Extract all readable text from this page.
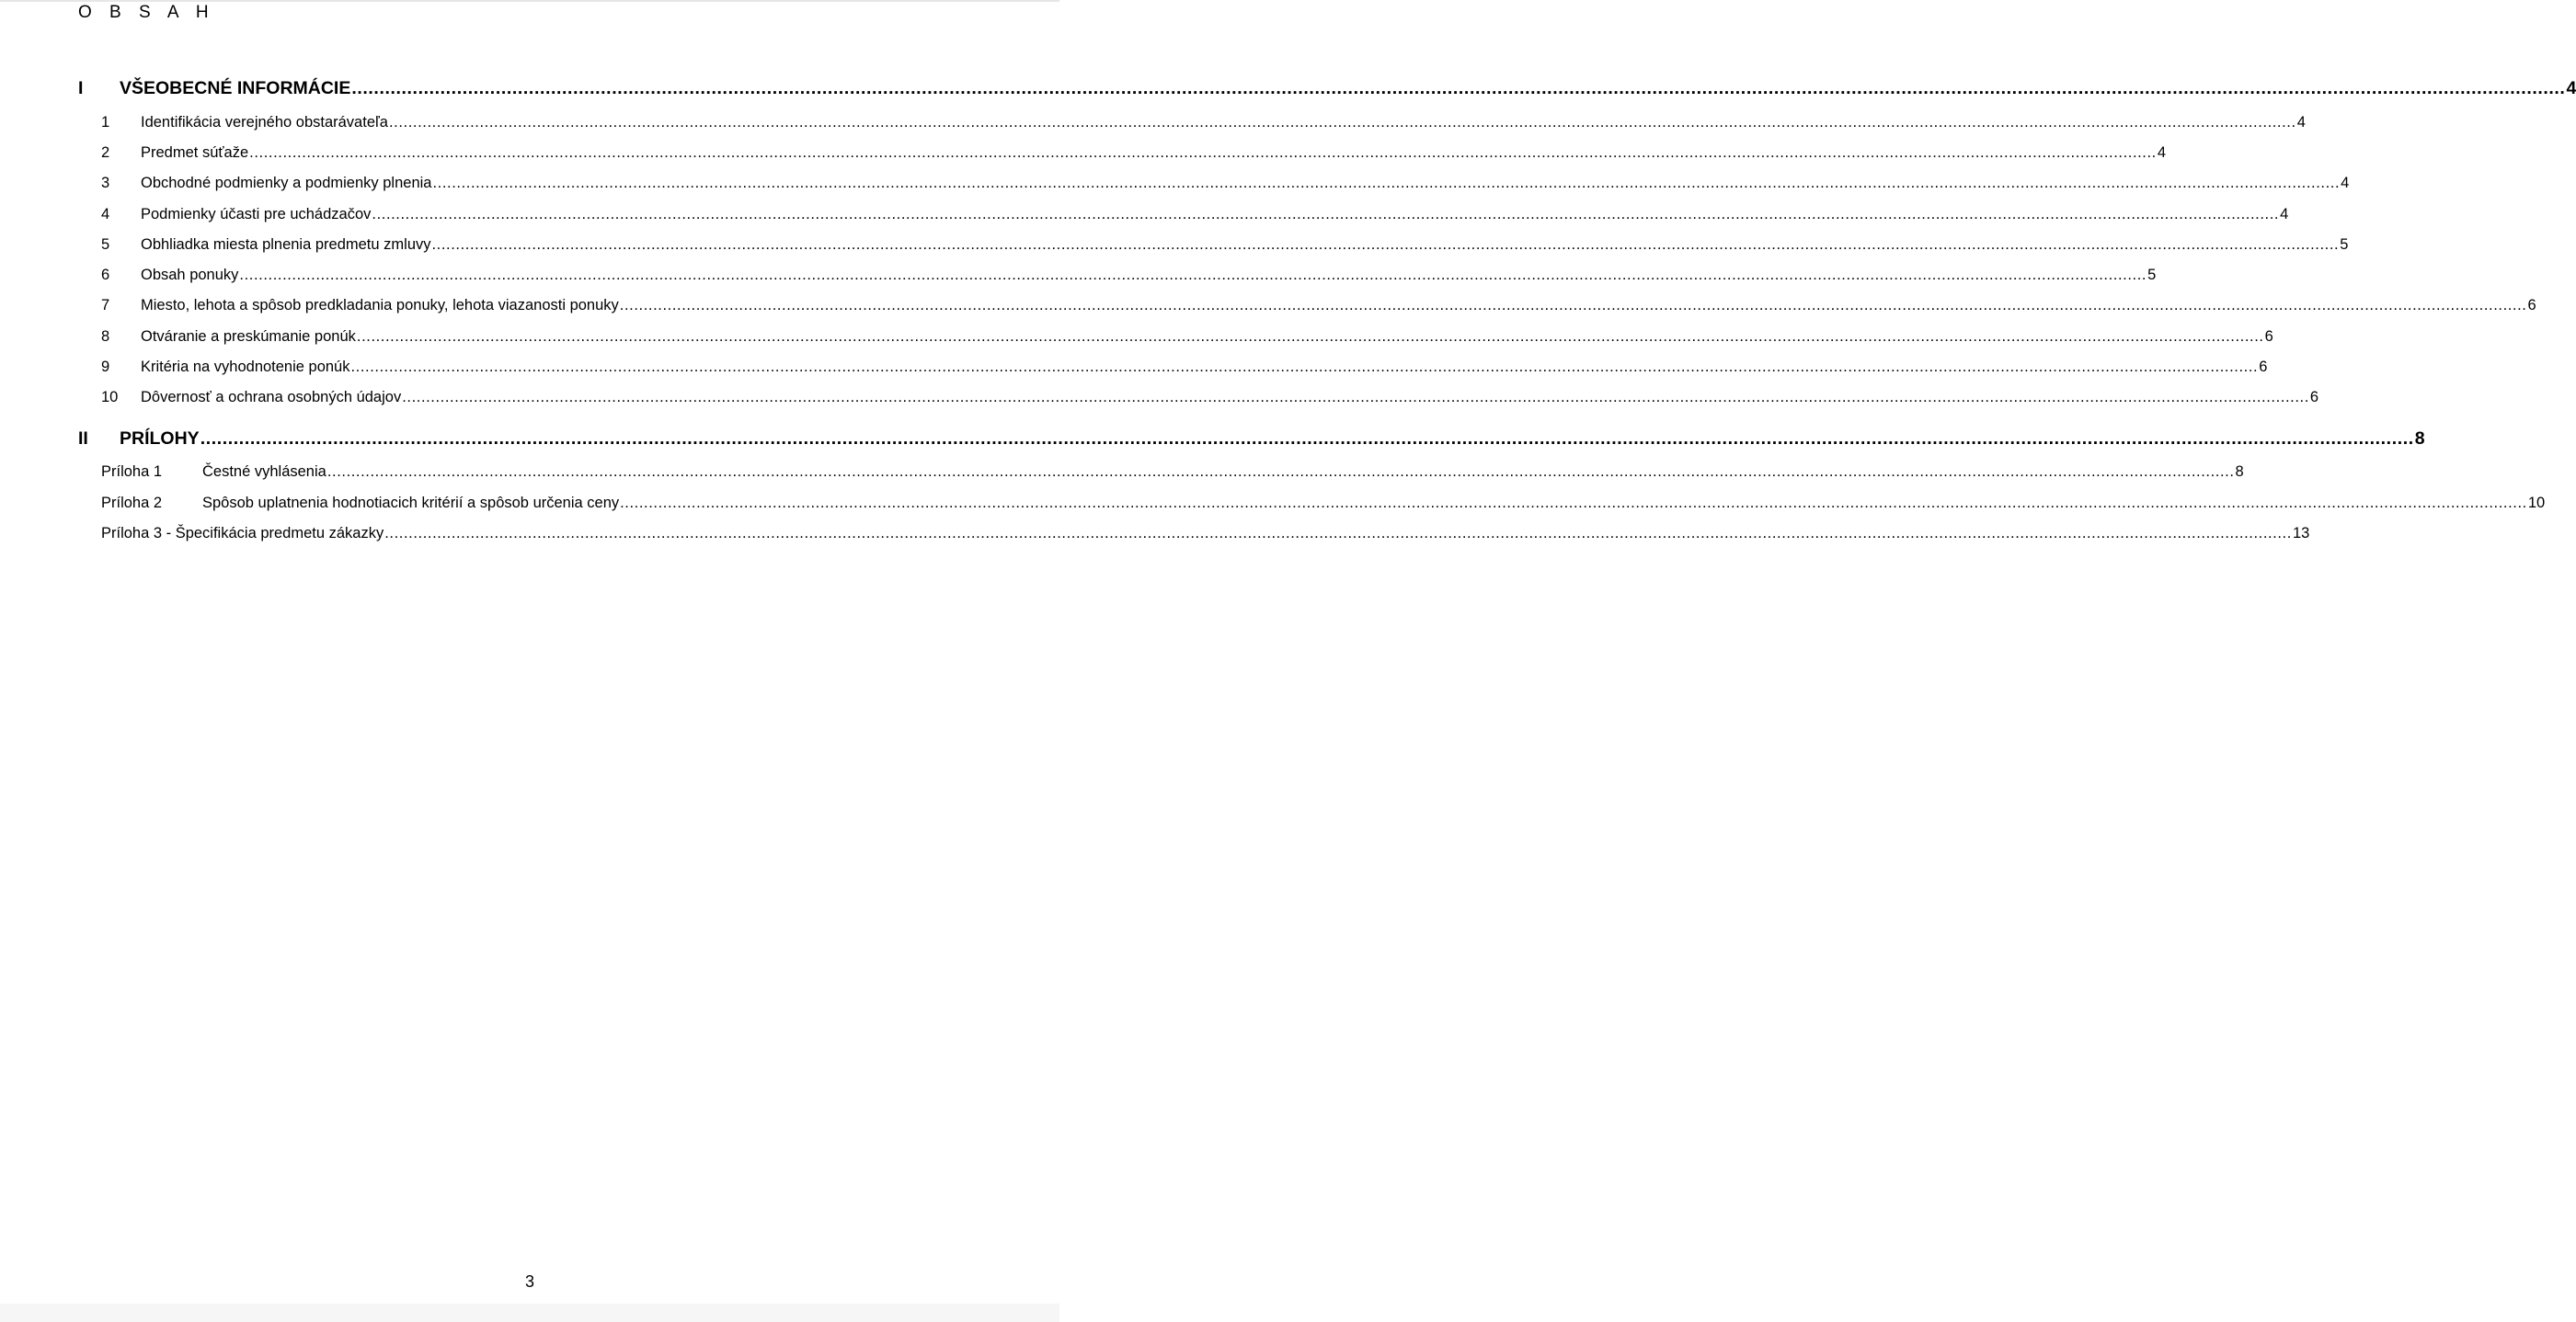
O B S A H
I VŠEOBECNÉ INFORMÁCIE ................................................................................................................................................................................................................................................................................................................................................................................................................ 4
1 Identifikácia verejného obstarávateľa ................................................................................................................................................................................................................................................................................................................................................................................................................ 4
2 Predmet súťaže ................................................................................................................................................................................................................................................................................................................................................................................................................ 4
3 Obchodné podmienky a podmienky plnenia ................................................................................................................................................................................................................................................................................................................................................................................................................ 4
4 Podmienky účasti pre uchádzačov ................................................................................................................................................................................................................................................................................................................................................................................................................ 4
5 Obhliadka miesta plnenia predmetu zmluvy ................................................................................................................................................................................................................................................................................................................................................................................................................ 5
6 Obsah ponuky ................................................................................................................................................................................................................................................................................................................................................................................................................ 5
7 Miesto, lehota a spôsob predkladania ponuky, lehota viazanosti ponuky ................................................................................................................................................................................................................................................................................................................................................................................................................ 6
8 Otváranie a preskúmanie ponúk ................................................................................................................................................................................................................................................................................................................................................................................................................ 6
9 Kritéria na vyhodnotenie ponúk ................................................................................................................................................................................................................................................................................................................................................................................................................ 6
10 Dôvernosť a ochrana osobných údajov ................................................................................................................................................................................................................................................................................................................................................................................................................ 6
II PRÍLOHY ................................................................................................................................................................................................................................................................................................................................................................................................................ 8
Príloha 1	Čestné vyhlásenia ................................................................................................................................................................................................................................................................................................................................................................................................................ 8
Príloha 2	Spôsob uplatnenia hodnotiacich kritérií a spôsob určenia ceny ................................................................................................................................................................................................................................................................................................................................................................................................................ 10
Príloha 3 - Špecifikácia predmetu zákazky ................................................................................................................................................................................................................................................................................................................................................................................................................ 13
3
